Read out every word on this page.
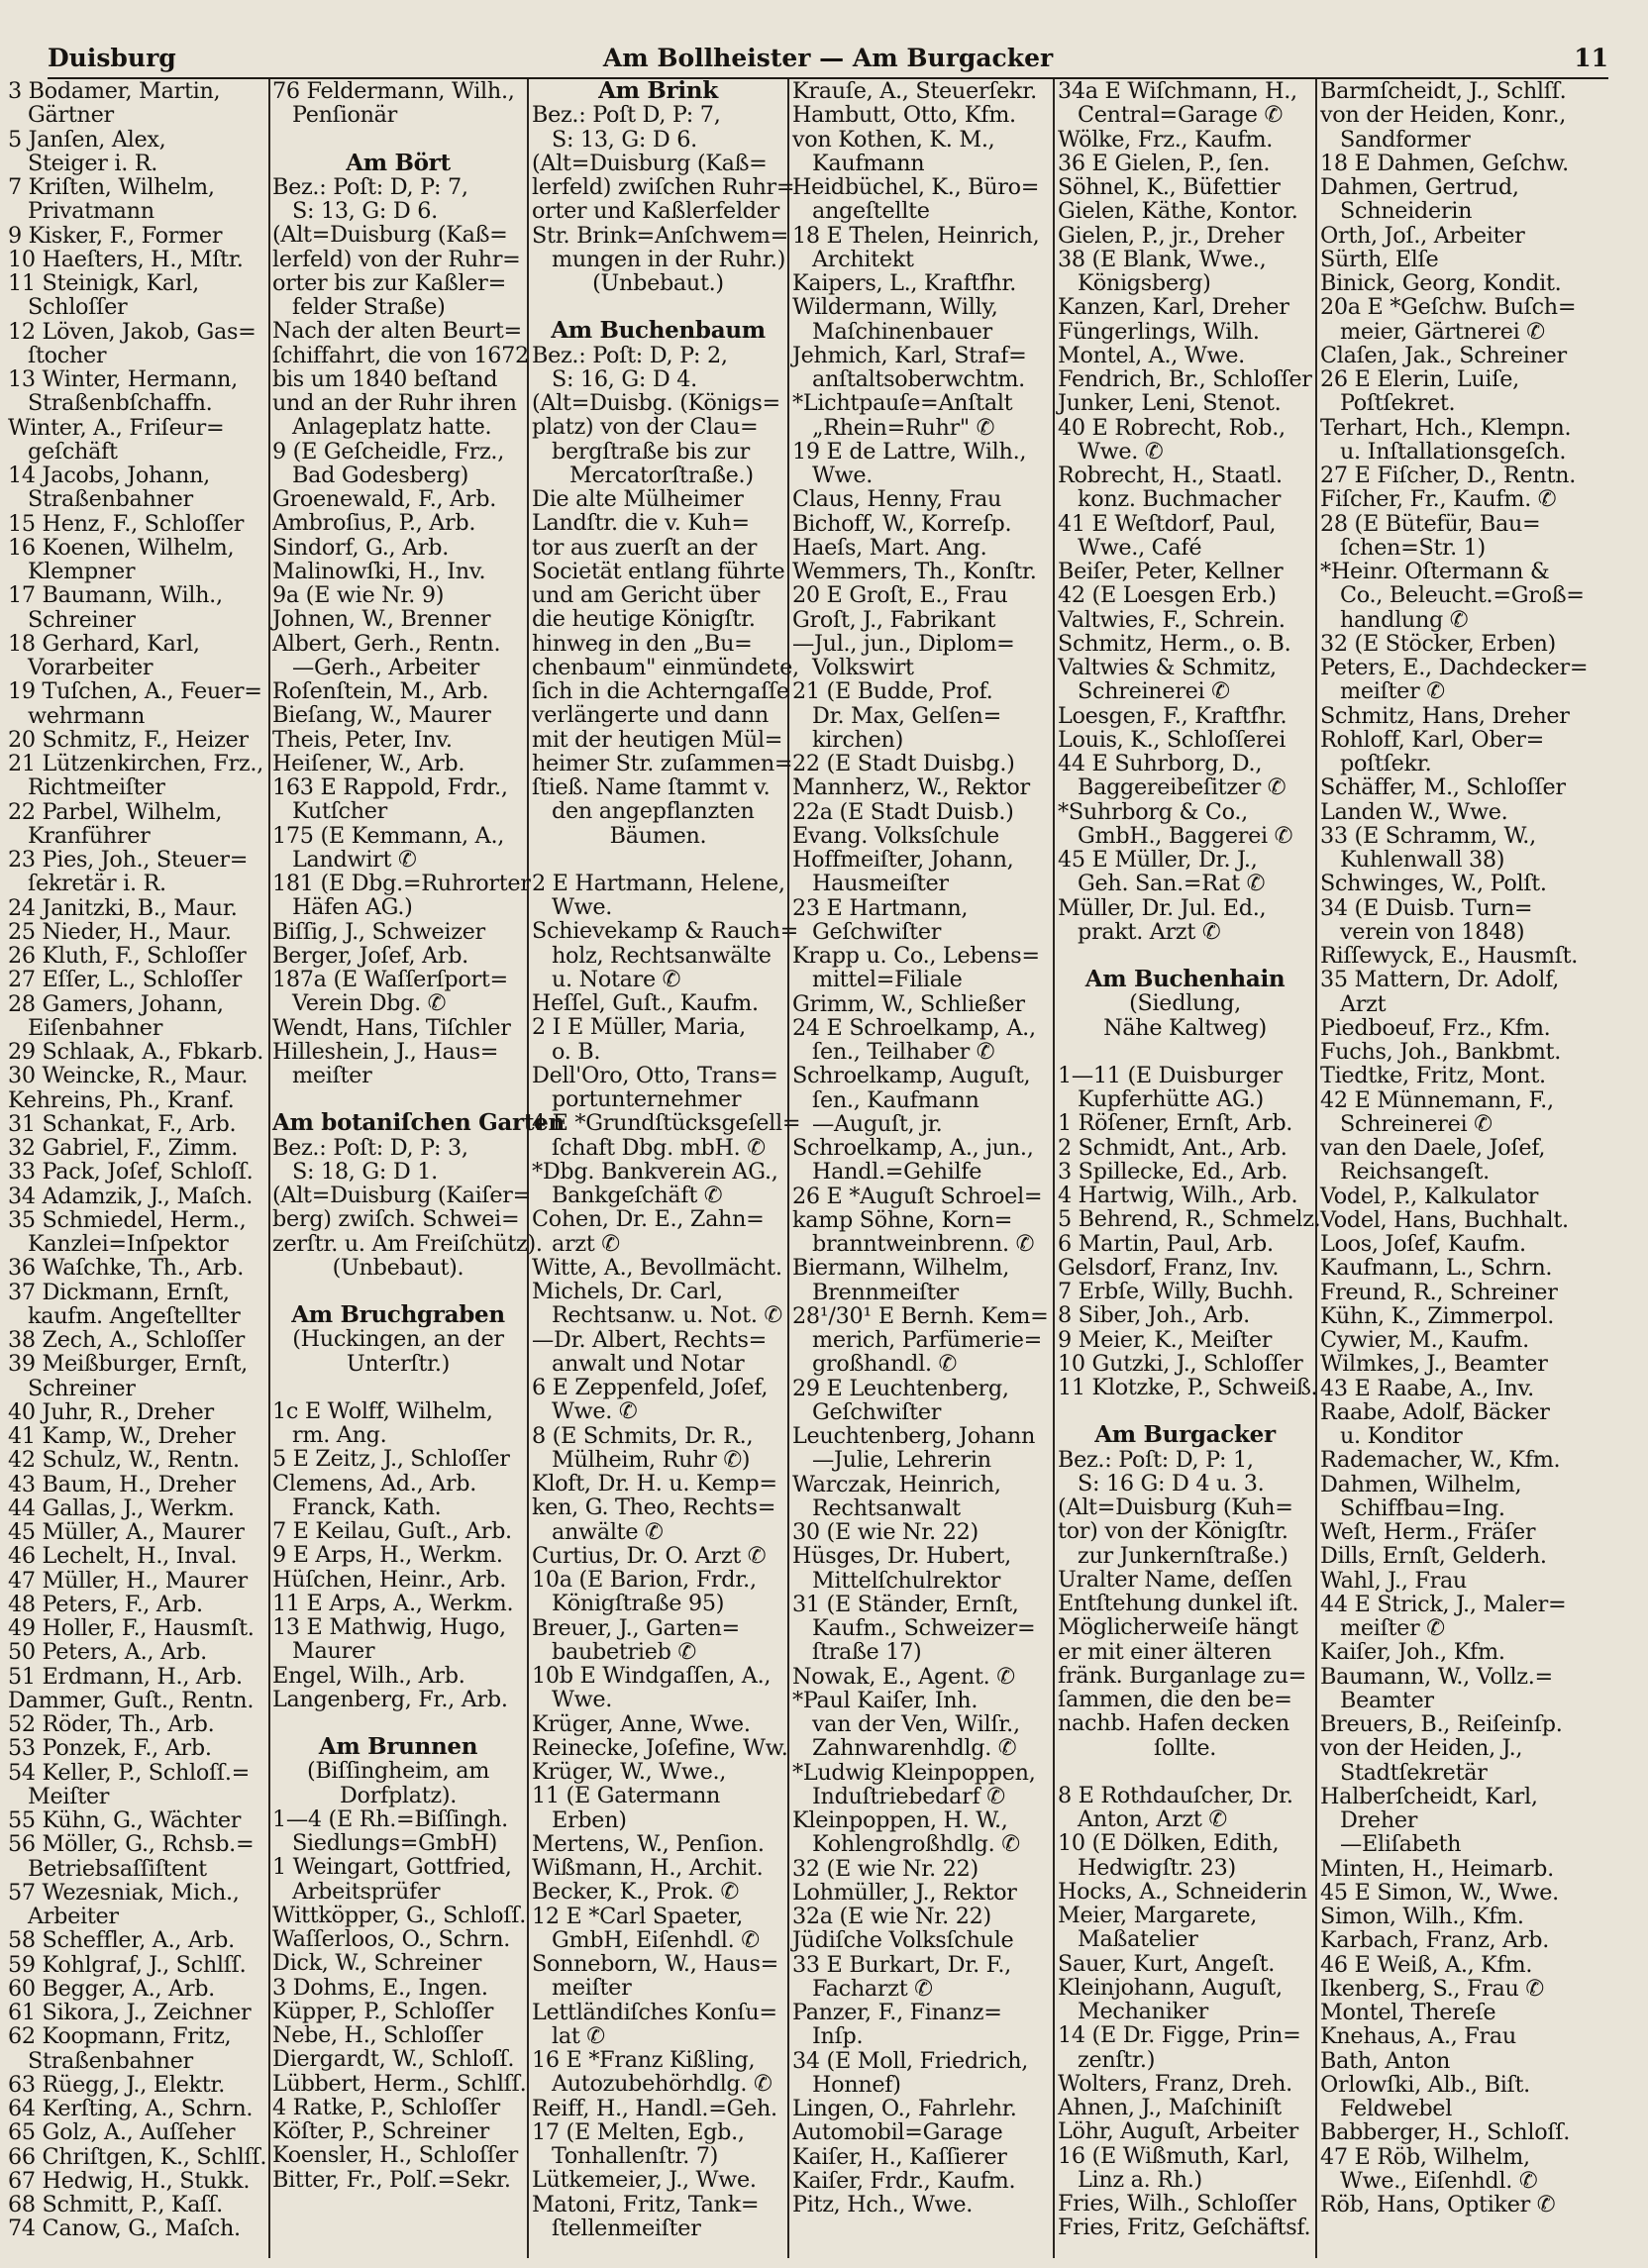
Duisburg	Am Bollheister — Am Burgacker	11
3 Bodamer, Martin,
Gärtner
5 Janſen, Alex,
Steiger i. R.
7 Kriſten, Wilhelm,
Privatmann
9 Kisker, F., Former
10 Haeſters, H., Mſtr.
11 Steinigk, Karl,
Schloſſer
12 Löven, Jakob, Gas=
ſtocher
13 Winter, Hermann,
Straßenbſchaffn.
Winter, A., Friſeur=
geſchäft
14 Jacobs, Johann,
Straßenbahner
15 Henz, F., Schloſſer
16 Koenen, Wilhelm,
Klempner
17 Baumann, Wilh.,
Schreiner
18 Gerhard, Karl,
Vorarbeiter
19 Tuſchen, A., Feuer=
wehrmann
20 Schmitz, F., Heizer
21 Lützenkirchen, Frz.,
Richtmeiſter
22 Parbel, Wilhelm,
Kranführer
23 Pies, Joh., Steuer=
ſekretär i. R.
24 Janitzki, B., Maur.
25 Nieder, H., Maur.
26 Kluth, F., Schloſſer
27 Eſſer, L., Schloſſer
28 Gamers, Johann,
Eiſenbahner
29 Schlaak, A., Fbkarb.
30 Weincke, R., Maur.
Kehreins, Ph., Kranf.
31 Schankat, F., Arb.
32 Gabriel, F., Zimm.
33 Pack, Joſef, Schloſſ.
34 Adamzik, J., Maſch.
35 Schmiedel, Herm.,
Kanzlei=Inſpektor
36 Waſchke, Th., Arb.
37 Dickmann, Ernſt,
kaufm. Angeſtellter
38 Zech, A., Schloſſer
39 Meißburger, Ernſt,
Schreiner
40 Juhr, R., Dreher
41 Kamp, W., Dreher
42 Schulz, W., Rentn.
43 Baum, H., Dreher
44 Gallas, J., Werkm.
45 Müller, A., Maurer
46 Lechelt, H., Inval.
47 Müller, H., Maurer
48 Peters, F., Arb.
49 Holler, F., Hausmſt.
50 Peters, A., Arb.
51 Erdmann, H., Arb.
Dammer, Guſt., Rentn.
52 Röder, Th., Arb.
53 Ponzek, F., Arb.
54 Keller, P., Schloſſ.=
Meiſter
55 Kühn, G., Wächter
56 Möller, G., Rchsb.=
Betriebsaſſiſtent
57 Wezesniak, Mich.,
Arbeiter
58 Scheffler, A., Arb.
59 Kohlgraf, J., Schlſſ.
60 Begger, A., Arb.
61 Sikora, J., Zeichner
62 Koopmann, Fritz,
Straßenbahner
63 Rüegg, J., Elektr.
64 Kerſting, A., Schrn.
65 Golz, A., Auſſeher
66 Chriſtgen, K., Schlſſ.
67 Hedwig, H., Stukk.
68 Schmitt, P., Kaſſ.
74 Canow, G., Maſch.
76 Feldermann, Wilh.,
Penſionär
Am Bört
Bez.: Poſt: D, P: 7,
S: 13, G: D 6.
(Alt=Duisburg (Kaß=
lerfeld) von der Ruhr=
orter bis zur Kaßler=
felder Straße)
Nach der alten Beurt=
ſchiffahrt, die von 1672
bis um 1840 beſtand
und an der Ruhr ihren
Anlageplatz hatte.
9 (E Geſcheidle, Frz.,
Bad Godesberg)
Groenewald, F., Arb.
Ambroſius, P., Arb.
Sindorf, G., Arb.
Malinowſki, H., Inv.
9a (E wie Nr. 9)
Johnen, W., Brenner
Albert, Gerh., Rentn.
—Gerh., Arbeiter
Roſenſtein, M., Arb.
Bieſang, W., Maurer
Theis, Peter, Inv.
Heiſener, W., Arb.
163 E Rappold, Frdr.,
Kutſcher
175 (E Kemmann, A.,
Landwirt ✆
181 (E Dbg.=Ruhrorter
Häfen AG.)
Biſſig, J., Schweizer
Berger, Joſef, Arb.
187a (E Waſſerſport=
Verein Dbg. ✆
Wendt, Hans, Tiſchler
Hilleshein, J., Haus=
meiſter
Am botaniſchen Garten
Bez.: Poſt: D, P: 3,
S: 18, G: D 1.
(Alt=Duisburg (Kaiſer=
berg) zwiſch. Schwei=
zerſtr. u. Am Freiſchütz).
(Unbebaut).
Am Bruchgraben
(Huckingen, an der
Unterſtr.)
1c E Wolff, Wilhelm,
rm. Ang.
5 E Zeitz, J., Schloſſer
Clemens, Ad., Arb.
Franck, Kath.
7 E Keilau, Guſt., Arb.
9 E Arps, H., Werkm.
Hüſchen, Heinr., Arb.
11 E Arps, A., Werkm.
13 E Mathwig, Hugo,
Maurer
Engel, Wilh., Arb.
Langenberg, Fr., Arb.
Am Brunnen
(Biſſingheim, am
Dorfplatz).
1—4 (E Rh.=Biſſingh.
Siedlungs=GmbH)
1 Weingart, Gottfried,
Arbeitsprüfer
Wittköpper, G., Schloſſ.
Waſſerloos, O., Schrn.
Dick, W., Schreiner
3 Dohms, E., Ingen.
Küpper, P., Schloſſer
Nebe, H., Schloſſer
Diergardt, W., Schloſſ.
Lübbert, Herm., Schlſſ.
4 Ratke, P., Schloſſer
Köſter, P., Schreiner
Koensler, H., Schloſſer
Bitter, Fr., Polſ.=Sekr.
Am Brink
Bez.: Poſt D, P: 7,
S: 13, G: D 6.
(Alt=Duisburg (Kaß=
lerfeld) zwiſchen Ruhr=
orter und Kaßlerfelder
Str. Brink=Anſchwem=
mungen in der Ruhr.)
(Unbebaut.)
Am Buchenbaum
Bez.: Poſt: D, P: 2,
S: 16, G: D 4.
(Alt=Duisbg. (Königs=
platz) von der Clau=
bergſtraße bis zur
Mercatorſtraße.)
Die alte Mülheimer
Landſtr. die v. Kuh=
tor aus zuerſt an der
Societät entlang führte
und am Gericht über
die heutige Königſtr.
hinweg in den „Bu=
chenbaum" einmündete,
ſich in die Achterngaſſe
verlängerte und dann
mit der heutigen Mül=
heimer Str. zuſammen=
ſtieß. Name ſtammt v.
den angepflanzten
Bäumen.
2 E Hartmann, Helene,
Wwe.
Schievekamp & Rauch=
holz, Rechtsanwälte
u. Notare ✆
Heſſel, Guſt., Kaufm.
2 I E Müller, Maria,
o. B.
Dell'Oro, Otto, Trans=
portunternehmer
4 E *Grundſtücksgeſell=
ſchaft Dbg. mbH. ✆
*Dbg. Bankverein AG.,
Bankgeſchäft ✆
Cohen, Dr. E., Zahn=
arzt ✆
Witte, A., Bevollmächt.
Michels, Dr. Carl,
Rechtsanw. u. Not. ✆
—Dr. Albert, Rechts=
anwalt und Notar
6 E Zeppenfeld, Joſef,
Wwe. ✆
8 (E Schmits, Dr. R.,
Mülheim, Ruhr ✆)
Kloft, Dr. H. u. Kemp=
ken, G. Theo, Rechts=
anwälte ✆
Curtius, Dr. O. Arzt ✆
10a (E Barion, Frdr.,
Königſtraße 95)
Breuer, J., Garten=
baubetrieb ✆
10b E Windgaſſen, A.,
Wwe.
Krüger, Anne, Wwe.
Reinecke, Joſefine, Ww.
Krüger, W., Wwe.,
11 (E Gatermann
Erben)
Mertens, W., Penſion.
Wißmann, H., Archit.
Becker, K., Prok. ✆
12 E *Carl Spaeter,
GmbH, Eiſenhdl. ✆
Sonneborn, W., Haus=
meiſter
Lettländiſches Konſu=
lat ✆
16 E *Franz Kißling,
Autozubehörhdlg. ✆
Reiff, H., Handl.=Geh.
17 (E Melten, Egb.,
Tonhallenſtr. 7)
Lütkemeier, J., Wwe.
Matoni, Fritz, Tank=
ſtellenmeiſter
Krauſe, A., Steuerſekr.
Hambutt, Otto, Kfm.
von Kothen, K. M.,
Kaufmann
Heidbüchel, K., Büro=
angeſtellte
18 E Thelen, Heinrich,
Architekt
Kaipers, L., Kraftfhr.
Wildermann, Willy,
Maſchinenbauer
Jehmich, Karl, Straf=
anſtaltsoberwchtm.
*Lichtpauſe=Anſtalt
„Rhein=Ruhr" ✆
19 E de Lattre, Wilh.,
Wwe.
Claus, Henny, Frau
Bichoff, W., Korreſp.
Haeſs, Mart. Ang.
Wemmers, Th., Konſtr.
20 E Groſt, E., Frau
Groſt, J., Fabrikant
—Jul., jun., Diplom=
Volkswirt
21 (E Budde, Prof.
Dr. Max, Gelſen=
kirchen)
22 (E Stadt Duisbg.)
Mannherz, W., Rektor
22a (E Stadt Duisb.)
Evang. Volksſchule
Hoffmeiſter, Johann,
Hausmeiſter
23 E Hartmann,
Geſchwiſter
Krapp u. Co., Lebens=
mittel=Filiale
Grimm, W., Schließer
24 E Schroelkamp, A.,
ſen., Teilhaber ✆
Schroelkamp, Auguſt,
ſen., Kaufmann
—Auguſt, jr.
Schroelkamp, A., jun.,
Handl.=Gehilfe
26 E *Auguſt Schroel=
kamp Söhne, Korn=
branntweinbrenn. ✆
Biermann, Wilhelm,
Brennmeiſter
28¹/30¹ E Bernh. Kem=
merich, Parfümerie=
großhandl. ✆
29 E Leuchtenberg,
Geſchwiſter
Leuchtenberg, Johann
—Julie, Lehrerin
Warczak, Heinrich,
Rechtsanwalt
30 (E wie Nr. 22)
Hüsges, Dr. Hubert,
Mittelſchulrektor
31 (E Ständer, Ernſt,
Kaufm., Schweizer=
ſtraße 17)
Nowak, E., Agent. ✆
*Paul Kaiſer, Inh.
van der Ven, Wilſr.,
Zahnwarenhdlg. ✆
*Ludwig Kleinpoppen,
Induſtriebedarf ✆
Kleinpoppen, H. W.,
Kohlengroßhdlg. ✆
32 (E wie Nr. 22)
Lohmüller, J., Rektor
32a (E wie Nr. 22)
Jüdiſche Volksſchule
33 E Burkart, Dr. F.,
Facharzt ✆
Panzer, F., Finanz=
Inſp.
34 (E Moll, Friedrich,
Honnef)
Lingen, O., Fahrlehr.
Automobil=Garage
Kaiſer, H., Kaſſierer
Kaiſer, Frdr., Kaufm.
Pitz, Hch., Wwe.
34a E Wiſchmann, H.,
Central=Garage ✆
Wölke, Frz., Kaufm.
36 E Gielen, P., ſen.
Söhnel, K., Büfettier
Gielen, Käthe, Kontor.
Gielen, P., jr., Dreher
38 (E Blank, Wwe.,
Königsberg)
Kanzen, Karl, Dreher
Füngerlings, Wilh.
Montel, A., Wwe.
Fendrich, Br., Schloſſer
Junker, Leni, Stenot.
40 E Robrecht, Rob.,
Wwe. ✆
Robrecht, H., Staatl.
konz. Buchmacher
41 E Weſtdorf, Paul,
Wwe., Café
Beiſer, Peter, Kellner
42 (E Loesgen Erb.)
Valtwies, F., Schrein.
Schmitz, Herm., o. B.
Valtwies & Schmitz,
Schreinerei ✆
Loesgen, F., Kraftfhr.
Louis, K., Schloſſerei
44 E Suhrborg, D.,
Baggereibeſitzer ✆
*Suhrborg & Co.,
GmbH., Baggerei ✆
45 E Müller, Dr. J.,
Geh. San.=Rat ✆
Müller, Dr. Jul. Ed.,
prakt. Arzt ✆
Am Buchenhain
(Siedlung,
Nähe Kaltweg)
1—11 (E Duisburger
Kupferhütte AG.)
1 Röſener, Ernſt, Arb.
2 Schmidt, Ant., Arb.
3 Spillecke, Ed., Arb.
4 Hartwig, Wilh., Arb.
5 Behrend, R., Schmelz.
6 Martin, Paul, Arb.
Gelsdorf, Franz, Inv.
7 Erbſe, Willy, Buchh.
8 Siber, Joh., Arb.
9 Meier, K., Meiſter
10 Gutzki, J., Schloſſer
11 Klotzke, P., Schweiß.
Am Burgacker
Bez.: Poſt: D, P: 1,
S: 16 G: D 4 u. 3.
(Alt=Duisburg (Kuh=
tor) von der Königſtr.
zur Junkernſtraße.)
Uralter Name, deſſen
Entſtehung dunkel iſt.
Möglicherweiſe hängt
er mit einer älteren
fränk. Burganlage zu=
ſammen, die den be=
nachb. Hafen decken
ſollte.
8 E Rothdauſcher, Dr.
Anton, Arzt ✆
10 (E Dölken, Edith,
Hedwigſtr. 23)
Hocks, A., Schneiderin
Meier, Margarete,
Maßatelier
Sauer, Kurt, Angeſt.
Kleinjohann, Auguſt,
Mechaniker
14 (E Dr. Figge, Prin=
zenſtr.)
Wolters, Franz, Dreh.
Ahnen, J., Maſchiniſt
Löhr, Auguſt, Arbeiter
16 (E Wißmuth, Karl,
Linz a. Rh.)
Fries, Wilh., Schloſſer
Fries, Fritz, Geſchäftsf.
Barmſcheidt, J., Schlſſ.
von der Heiden, Konr.,
Sandformer
18 E Dahmen, Geſchw.
Dahmen, Gertrud,
Schneiderin
Orth, Joſ., Arbeiter
Sürth, Elſe
Binick, Georg, Kondit.
20a E *Geſchw. Buſch=
meier, Gärtnerei ✆
Claſen, Jak., Schreiner
26 E Elerin, Luiſe,
Poſtſekret.
Terhart, Hch., Klempn.
u. Inſtallationsgeſch.
27 E Fiſcher, D., Rentn.
Fiſcher, Fr., Kaufm. ✆
28 (E Bütefür, Bau=
ſchen=Str. 1)
*Heinr. Oſtermann &
Co., Beleucht.=Groß=
handlung ✆
32 (E Stöcker, Erben)
Peters, E., Dachdecker=
meiſter ✆
Schmitz, Hans, Dreher
Rohloff, Karl, Ober=
poſtſekr.
Schäffer, M., Schloſſer
Landen W., Wwe.
33 (E Schramm, W.,
Kuhlenwall 38)
Schwinges, W., Polſt.
34 (E Duisb. Turn=
verein von 1848)
Riſſewyck, E., Hausmſt.
35 Mattern, Dr. Adolf,
Arzt
Piedboeuf, Frz., Kfm.
Fuchs, Joh., Bankbmt.
Tiedtke, Fritz, Mont.
42 E Münnemann, F.,
Schreinerei ✆
van den Daele, Joſef,
Reichsangeſt.
Vodel, P., Kalkulator
Vodel, Hans, Buchhalt.
Loos, Joſef, Kaufm.
Kaufmann, L., Schrn.
Freund, R., Schreiner
Kühn, K., Zimmerpol.
Cywier, M., Kaufm.
Wilmkes, J., Beamter
43 E Raabe, A., Inv.
Raabe, Adolf, Bäcker
u. Konditor
Rademacher, W., Kfm.
Dahmen, Wilhelm,
Schiffbau=Ing.
Weſt, Herm., Fräſer
Dills, Ernſt, Gelderh.
Wahl, J., Frau
44 E Strick, J., Maler=
meiſter ✆
Kaiſer, Joh., Kfm.
Baumann, W., Vollz.=
Beamter
Breuers, B., Reiſeinſp.
von der Heiden, J.,
Stadtſekretär
Halberſcheidt, Karl,
Dreher
—Eliſabeth
Minten, H., Heimarb.
45 E Simon, W., Wwe.
Simon, Wilh., Kfm.
Karbach, Franz, Arb.
46 E Weiß, A., Kfm.
Ikenberg, S., Frau ✆
Montel, Thereſe
Knehaus, A., Frau
Bath, Anton
Orlowſki, Alb., Biſt.
Feldwebel
Babberger, H., Schloſſ.
47 E Röb, Wilhelm,
Wwe., Eiſenhdl. ✆
Röb, Hans, Optiker ✆
